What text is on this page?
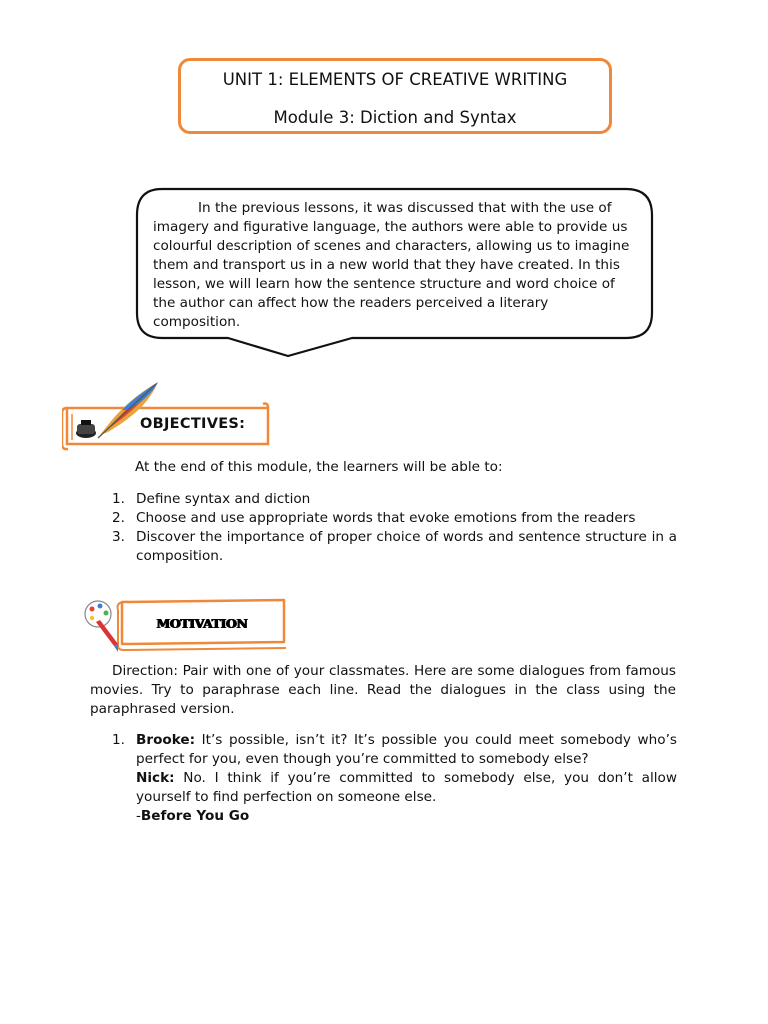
UNIT 1: ELEMENTS OF CREATIVE WRITING
Module 3: Diction and Syntax
In the previous lessons, it was discussed that with the use of imagery and figurative language, the authors were able to provide us colourful description of scenes and characters, allowing us to imagine them and transport us in a new world that they have created. In this lesson, we will learn how the sentence structure and word choice of the author can affect how the readers perceived a literary composition.
OBJECTIVES:
At the end of this module, the learners will be able to:
1. Define syntax and diction
2. Choose and use appropriate words that evoke emotions from the readers
3. Discover the importance of proper choice of words and sentence structure in a composition.
MOTIVATION
Direction: Pair with one of your classmates. Here are some dialogues from famous movies. Try to paraphrase each line. Read the dialogues in the class using the paraphrased version.
1. Brooke: It’s possible, isn’t it? It’s possible you could meet somebody who’s perfect for you, even though you’re committed to somebody else?
Nick: No. I think if you’re committed to somebody else, you don’t allow yourself to find perfection on someone else.
-Before You Go
